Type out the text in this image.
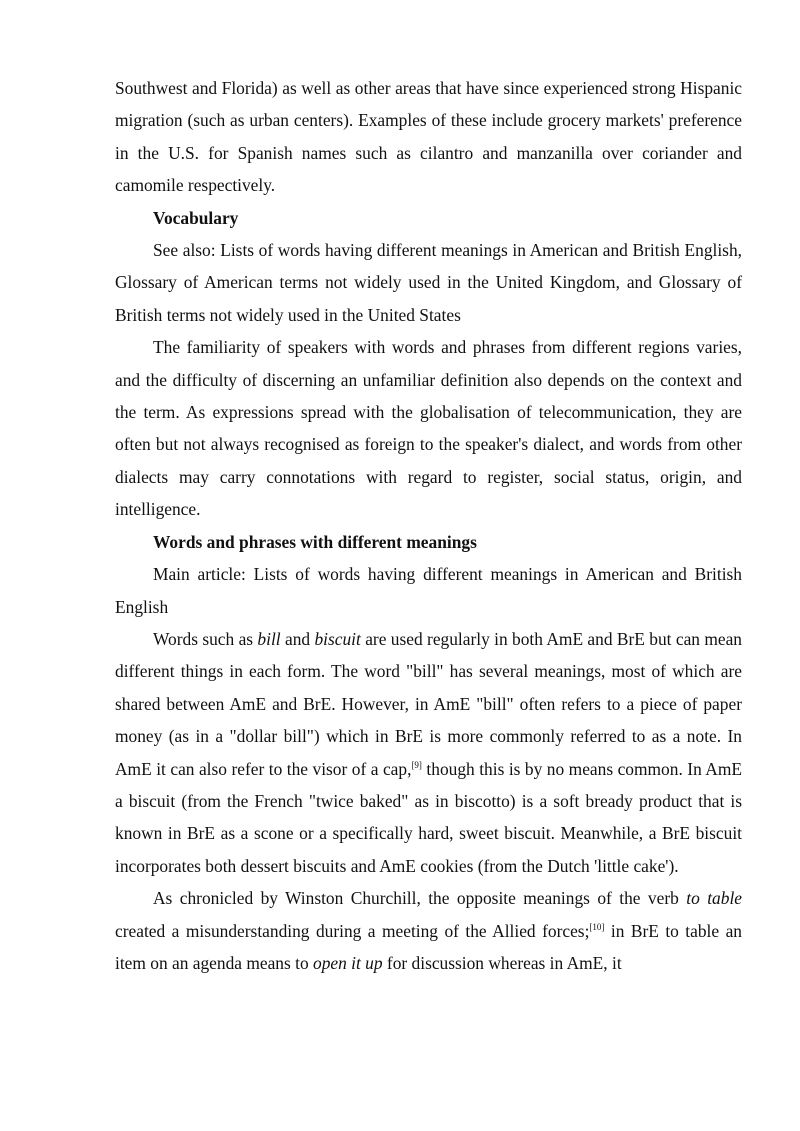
Southwest and Florida) as well as other areas that have since experienced strong Hispanic migration (such as urban centers). Examples of these include grocery markets' preference in the U.S. for Spanish names such as cilantro and manzanilla over coriander and camomile respectively.

Vocabulary

See also: Lists of words having different meanings in American and British English, Glossary of American terms not widely used in the United Kingdom, and Glossary of British terms not widely used in the United States

The familiarity of speakers with words and phrases from different regions varies, and the difficulty of discerning an unfamiliar definition also depends on the context and the term. As expressions spread with the globalisation of telecommunication, they are often but not always recognised as foreign to the speaker's dialect, and words from other dialects may carry connotations with regard to register, social status, origin, and intelligence.

Words and phrases with different meanings

Main article: Lists of words having different meanings in American and British English

Words such as bill and biscuit are used regularly in both AmE and BrE but can mean different things in each form. The word "bill" has several meanings, most of which are shared between AmE and BrE. However, in AmE "bill" often refers to a piece of paper money (as in a "dollar bill") which in BrE is more commonly referred to as a note. In AmE it can also refer to the visor of a cap,[9] though this is by no means common. In AmE a biscuit (from the French "twice baked" as in biscotto) is a soft bready product that is known in BrE as a scone or a specifically hard, sweet biscuit. Meanwhile, a BrE biscuit incorporates both dessert biscuits and AmE cookies (from the Dutch 'little cake').

As chronicled by Winston Churchill, the opposite meanings of the verb to table created a misunderstanding during a meeting of the Allied forces;[10] in BrE to table an item on an agenda means to open it up for discussion whereas in AmE, it
